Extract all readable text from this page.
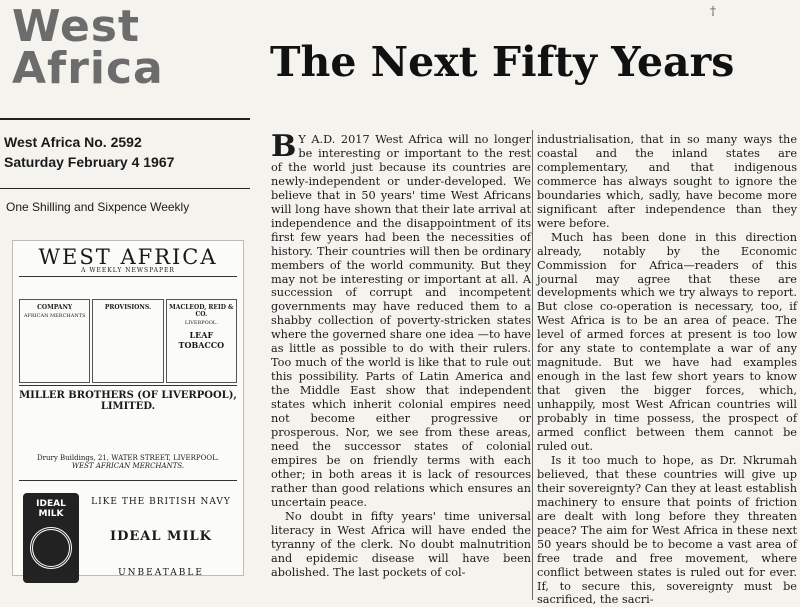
West
Africa
†
West Africa No. 2592
Saturday February 4 1967
One Shilling and Sixpence Weekly
The Next Fifty Years
WEST AFRICA
A WEEKLY NEWSPAPER

COMPANY
AFRICAN MERCHANTS
PROVISIONS.	MACLEOD, REID & CO.
LIVERPOOL.
LEAF TOBACCO
MILLER BROTHERS (OF LIVERPOOL), LIMITED.

Drury Buildings, 21, WATER STREET, LIVERPOOL.
WEST AFRICAN MERCHANTS.
IDEAL MILK
LIKE THE BRITISH NAVY
IDEAL MILK
UNBEATABLE

B Y A.D. 2017 West Africa will no longer be interesting or important to the rest of the world just because its countries are newly-independent or under-developed. We believe that in 50 years' time West Africans will long have shown that their late arrival at independence and the disappointment of its first few years had been the necessities of history. Their countries will then be ordinary members of the world community. But they may not be interesting or important at all. A succession of corrupt and incompetent governments may have reduced them to a shabby collection of poverty-stricken states where the governed share one idea —to have as little as possible to do with their rulers. Too much of the world is like that to rule out this possibility. Parts of Latin America and the Middle East show that independent states which inherit colonial empires need not become either progressive or prosperous. Nor, we see from these areas, need the successor states of colonial empires be on friendly terms with each other; in both areas it is lack of resources rather than good relations which ensures an uncertain peace.

No doubt in fifty years' time universal literacy in West Africa will have ended the tyranny of the clerk. No doubt malnutrition and epidemic disease will have been abolished. The last pockets of col-

industrialisation, that in so many ways the coastal and the inland states are complementary, and that indigenous commerce has always sought to ignore the boundaries which, sadly, have become more significant after independence than they were before.

Much has been done in this direction already, notably by the Economic Commission for Africa—readers of this journal may agree that these are developments which we try always to report. But close co-operation is necessary, too, if West Africa is to be an area of peace. The level of armed forces at present is too low for any state to contemplate a war of any magnitude. But we have had examples enough in the last few short years to know that given the bigger forces, which, unhappily, most West African countries will probably in time possess, the prospect of armed conflict between them cannot be ruled out.

Is it too much to hope, as Dr. Nkrumah believed, that these countries will give up their sovereignty? Can they at least establish machinery to ensure that points of friction are dealt with long before they threaten peace? The aim for West Africa in these next 50 years should be to become a vast area of free trade and free movement, where conflict between states is ruled out for ever. If, to secure this, sovereignty must be sacrificed, the sacri-
